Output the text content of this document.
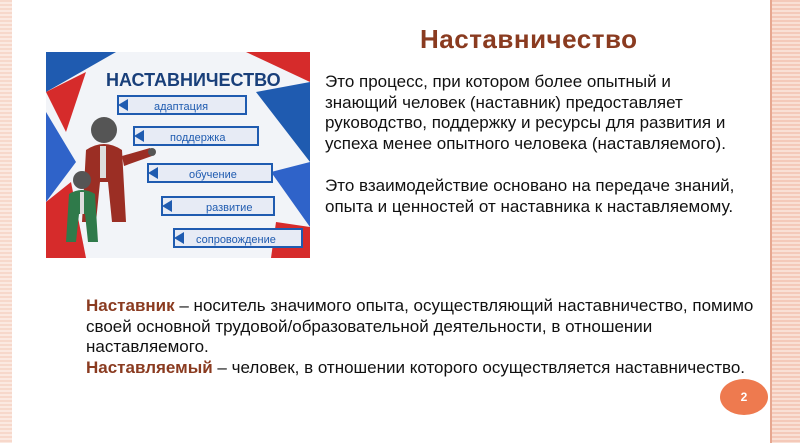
Наставничество
НАСТАВНИЧЕСТВО
адаптация
поддержка
обучение
развитие
сопровождение

Это процесс, при котором более опытный и знающий человек (наставник) предоставляет руководство, поддержку и ресурсы для развития и успеха менее опытного человека (наставляемого).

Это взаимодействие основано на передаче знаний, опыта и ценностей от наставника к наставляемому.

Наставник – носитель значимого опыта, осуществляющий наставничество, помимо своей основной трудовой/образовательной деятельности, в отношении наставляемого.
Наставляемый – человек, в отношении которого осуществляется наставничество.
2
